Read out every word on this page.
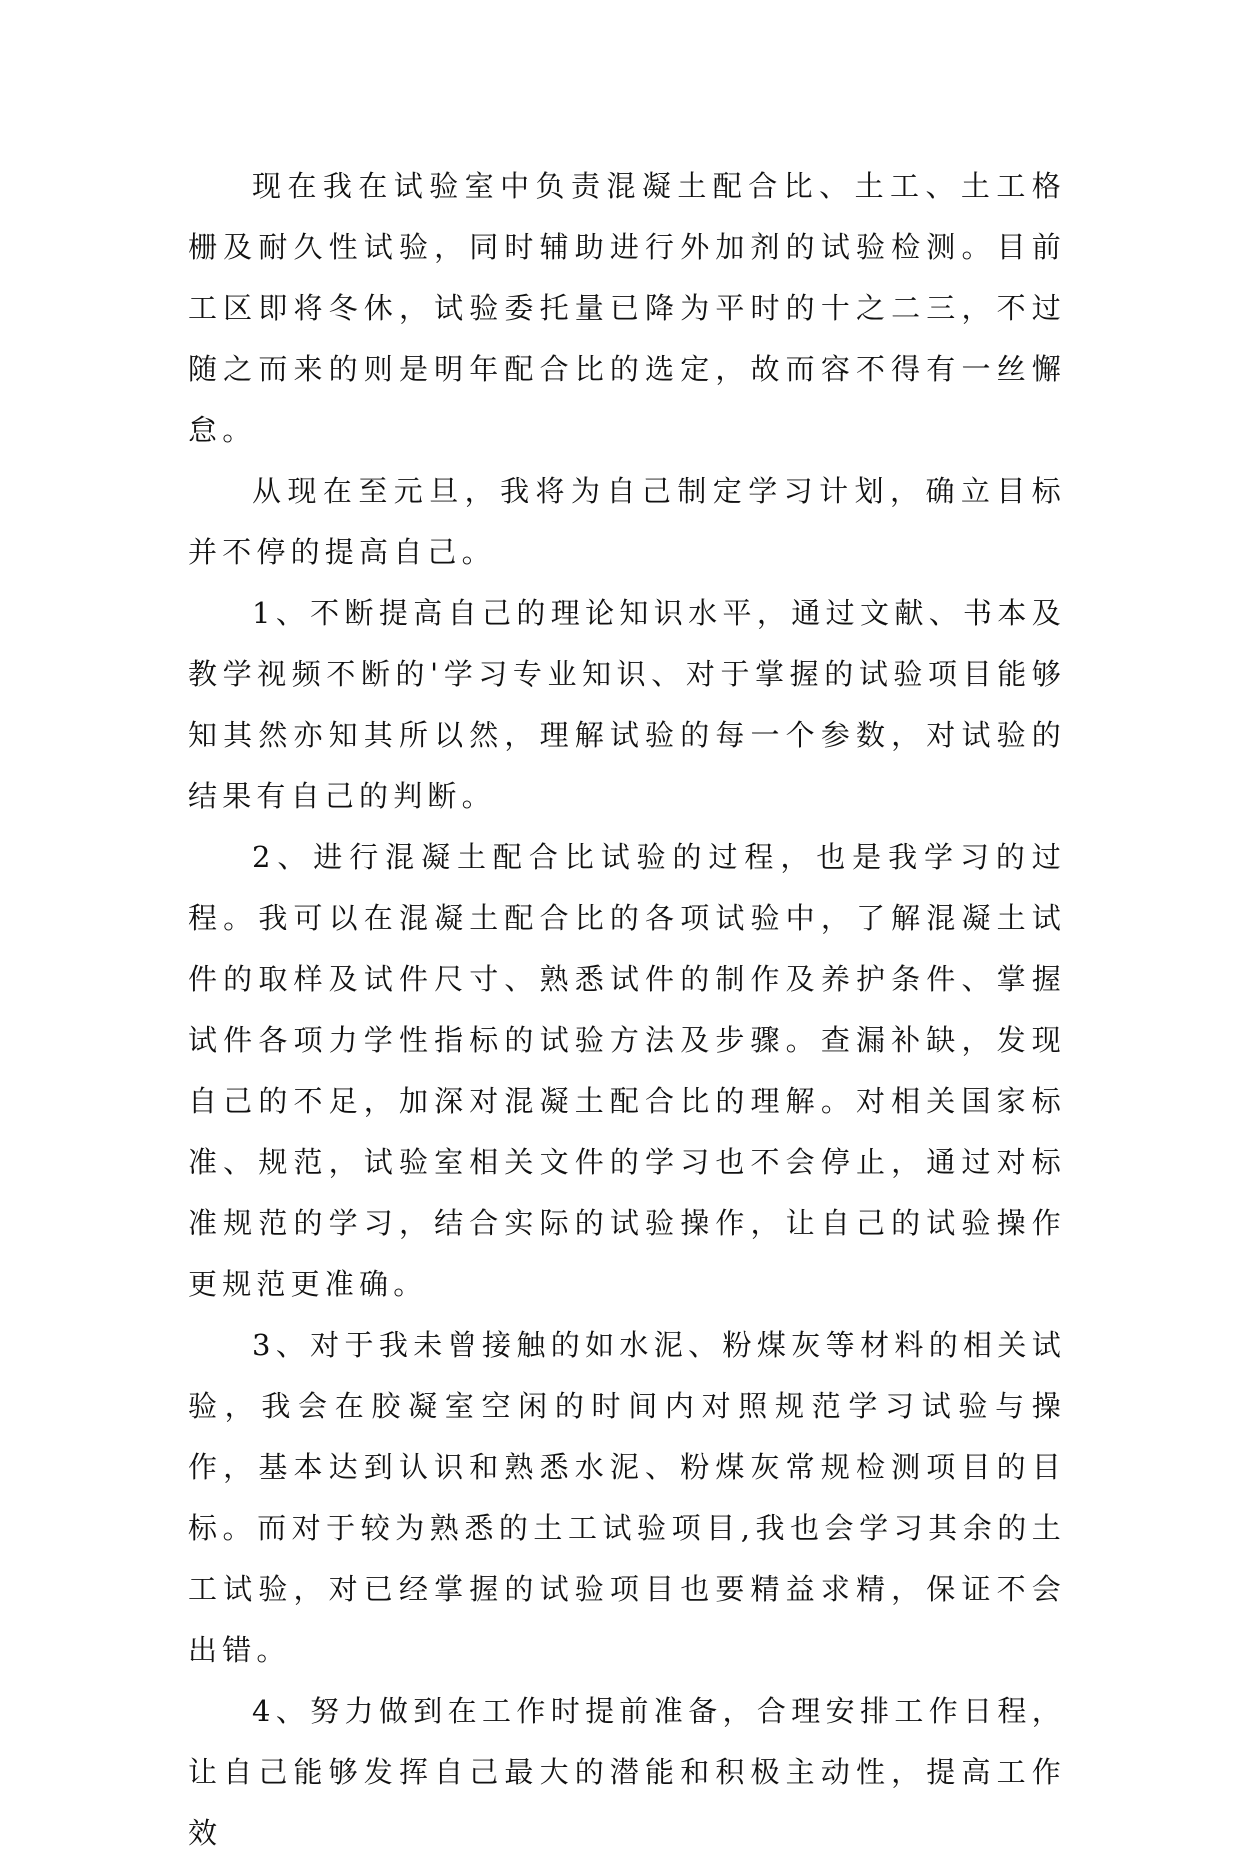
现在我在试验室中负责混凝土配合比、土工、土工格栅及耐久性试验，同时辅助进行外加剂的试验检测。目前工区即将冬休，试验委托量已降为平时的十之二三，不过随之而来的则是明年配合比的选定，故而容不得有一丝懈怠。

从现在至元旦，我将为自己制定学习计划，确立目标并不停的提高自己。

1、不断提高自己的理论知识水平，通过文献、书本及教学视频不断的'学习专业知识、对于掌握的试验项目能够知其然亦知其所以然，理解试验的每一个参数，对试验的结果有自己的判断。

2、进行混凝土配合比试验的过程，也是我学习的过程。我可以在混凝土配合比的各项试验中，了解混凝土试件的取样及试件尺寸、熟悉试件的制作及养护条件、掌握试件各项力学性指标的试验方法及步骤。查漏补缺，发现自己的不足，加深对混凝土配合比的理解。对相关国家标准、规范，试验室相关文件的学习也不会停止，通过对标准规范的学习，结合实际的试验操作，让自己的试验操作更规范更准确。

3、对于我未曾接触的如水泥、粉煤灰等材料的相关试验，我会在胶凝室空闲的时间内对照规范学习试验与操作，基本达到认识和熟悉水泥、粉煤灰常规检测项目的目标。而对于较为熟悉的土工试验项目,我也会学习其余的土工试验，对已经掌握的试验项目也要精益求精，保证不会出错。

4、努力做到在工作时提前准备，合理安排工作日程，让自己能够发挥自己最大的潜能和积极主动性，提高工作效
